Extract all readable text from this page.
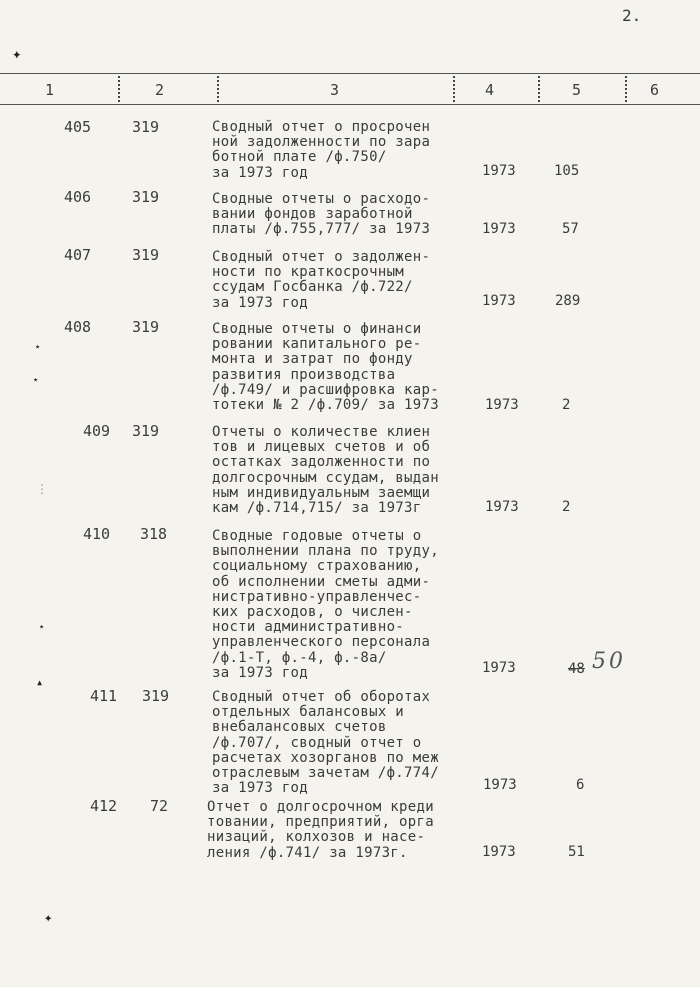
2.
1	2	3	4	5	6
405	319	Сводный отчет о просрочен
ной задолженности по зара
ботной плате /ф.750/
за 1973 год	1973	105
406	319	Сводные отчеты о расходо-
вании фондов заработной
платы /ф.755,777/ за 1973	1973	57
407	319	Сводный отчет о задолжен-
ности по краткосрочным
ссудам Госбанка /ф.722/
за 1973 год	1973	289
408	319	Сводные отчеты о финанси
ровании капитального ре-
монта и затрат по фонду
развития производства
/ф.749/ и расшифровка кар-
тотеки № 2 /ф.709/ за 1973	1973	2
409 319	Отчеты о количестве клиен
тов и лицевых счетов и об
остатках задолженности по
долгосрочным ссудам, выдан
ным индивидуальным заемщи
кам /ф.714,715/ за 1973г	1973	2
410 318	Сводные годовые отчеты о
выполнении плана по труду,
социальному страхованию,
об исполнении сметы адми-
нистративно-управленчес-
ких расходов, о числен-
ности административно-
управленческого персонала
/ф.1-Т, ф.-4, ф.-8а/
за 1973 год	1973	48 50
411 319	Сводный отчет об оборотах
отдельных балансовых и
внебалансовых счетов
/ф.707/, сводный отчет о
расчетах хозорганов по меж
отраслевым зачетам /ф.774/
за 1973 год	1973	6
412 72	Отчет о долгосрочном креди
товании, предприятий, орга
низаций, колхозов и насе-
ления /ф.741/ за 1973г.	1973	51
✦
⋆
⋆
⋮
⋆
▴
✦
